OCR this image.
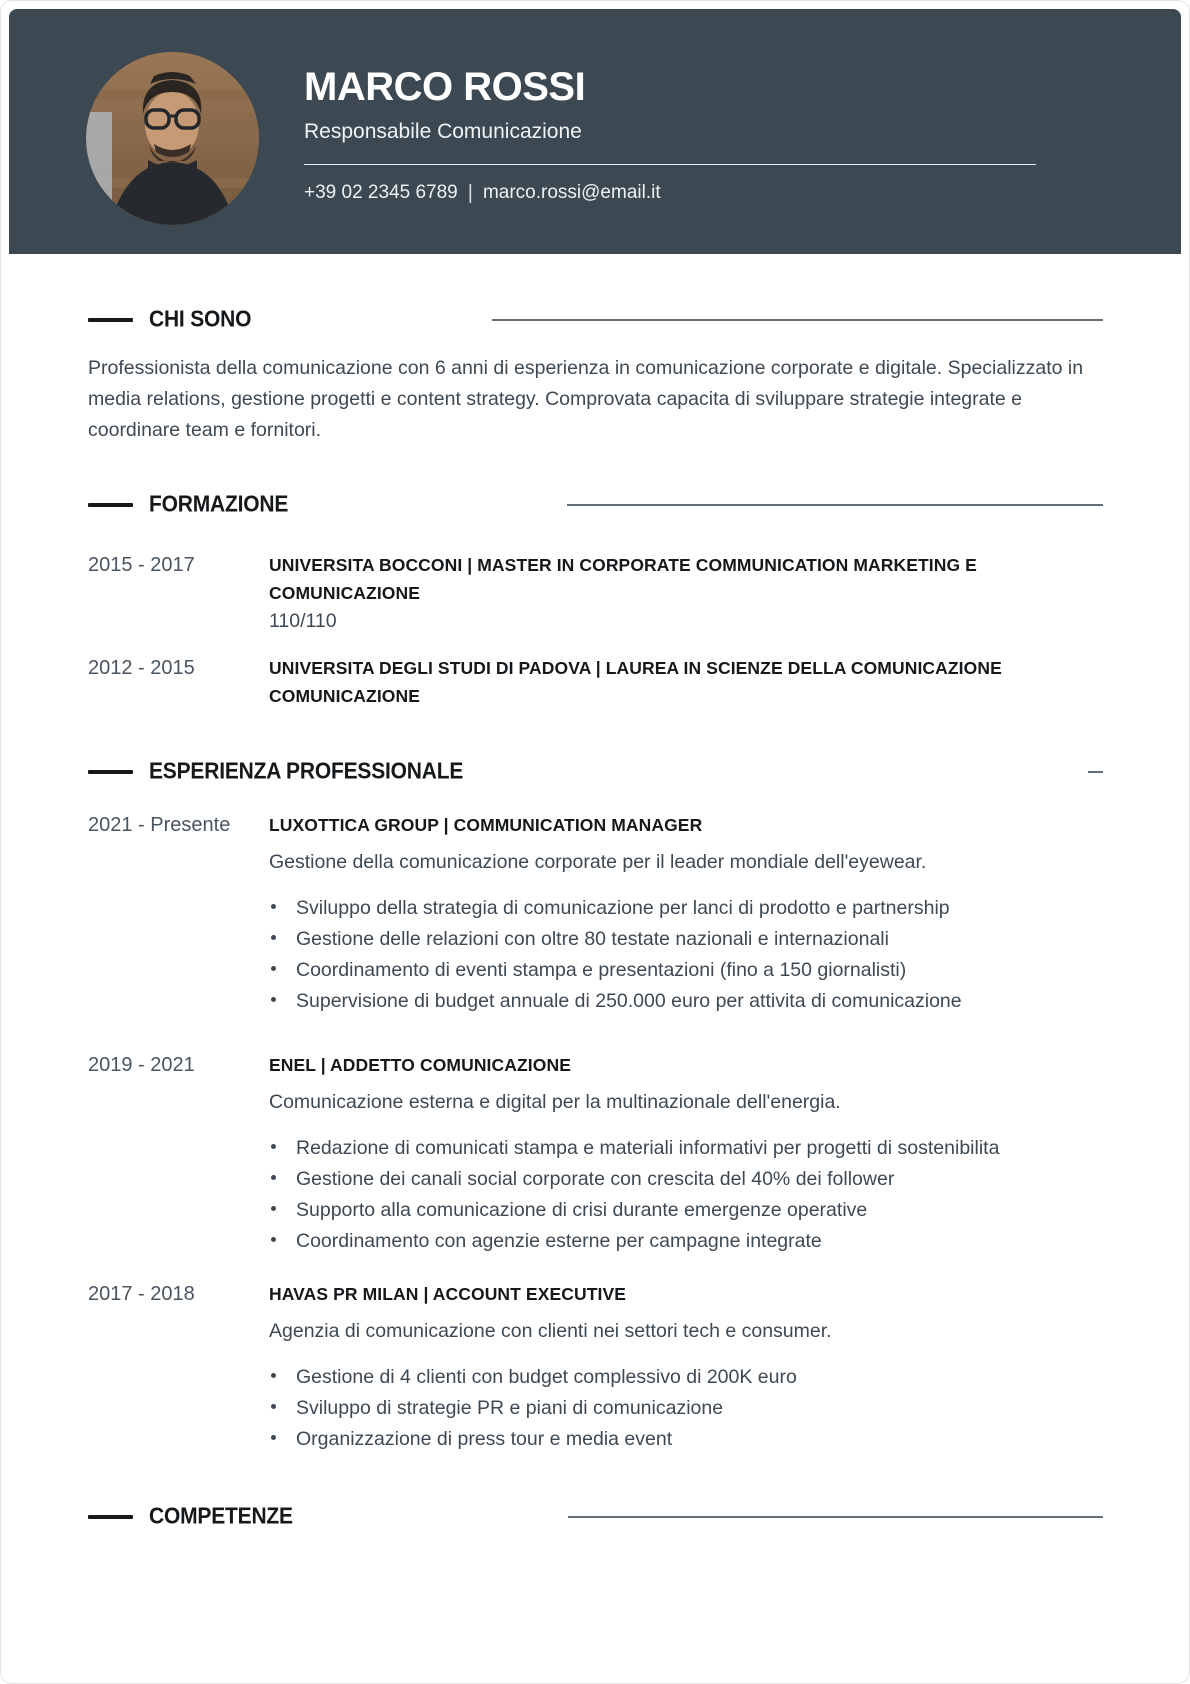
MARCO ROSSI
Responsabile Comunicazione
+39 02 2345 6789 | marco.rossi@email.it
CHI SONO
Professionista della comunicazione con 6 anni di esperienza in comunicazione corporate e digitale. Specializzato in media relations, gestione progetti e content strategy. Comprovata capacita di sviluppare strategie integrate e coordinare team e fornitori.
FORMAZIONE
2015 - 2017	UNIVERSITA BOCCONI | MASTER IN CORPORATE COMMUNICATION MARKETING E COMUNICAZIONE
110/110
2012 - 2015	UNIVERSITA DEGLI STUDI DI PADOVA | LAUREA IN SCIENZE DELLA COMUNICAZIONE COMUNICAZIONE
ESPERIENZA PROFESSIONALE
2021 - Presente	LUXOTTICA GROUP | COMMUNICATION MANAGER
Gestione della comunicazione corporate per il leader mondiale dell'eyewear.
Sviluppo della strategia di comunicazione per lanci di prodotto e partnership
Gestione delle relazioni con oltre 80 testate nazionali e internazionali
Coordinamento di eventi stampa e presentazioni (fino a 150 giornalisti)
Supervisione di budget annuale di 250.000 euro per attivita di comunicazione
2019 - 2021	ENEL | ADDETTO COMUNICAZIONE
Comunicazione esterna e digital per la multinazionale dell'energia.
Redazione di comunicati stampa e materiali informativi per progetti di sostenibilita
Gestione dei canali social corporate con crescita del 40% dei follower
Supporto alla comunicazione di crisi durante emergenze operative
Coordinamento con agenzie esterne per campagne integrate
2017 - 2018	HAVAS PR MILAN | ACCOUNT EXECUTIVE
Agenzia di comunicazione con clienti nei settori tech e consumer.
Gestione di 4 clienti con budget complessivo di 200K euro
Sviluppo di strategie PR e piani di comunicazione
Organizzazione di press tour e media event
COMPETENZE
